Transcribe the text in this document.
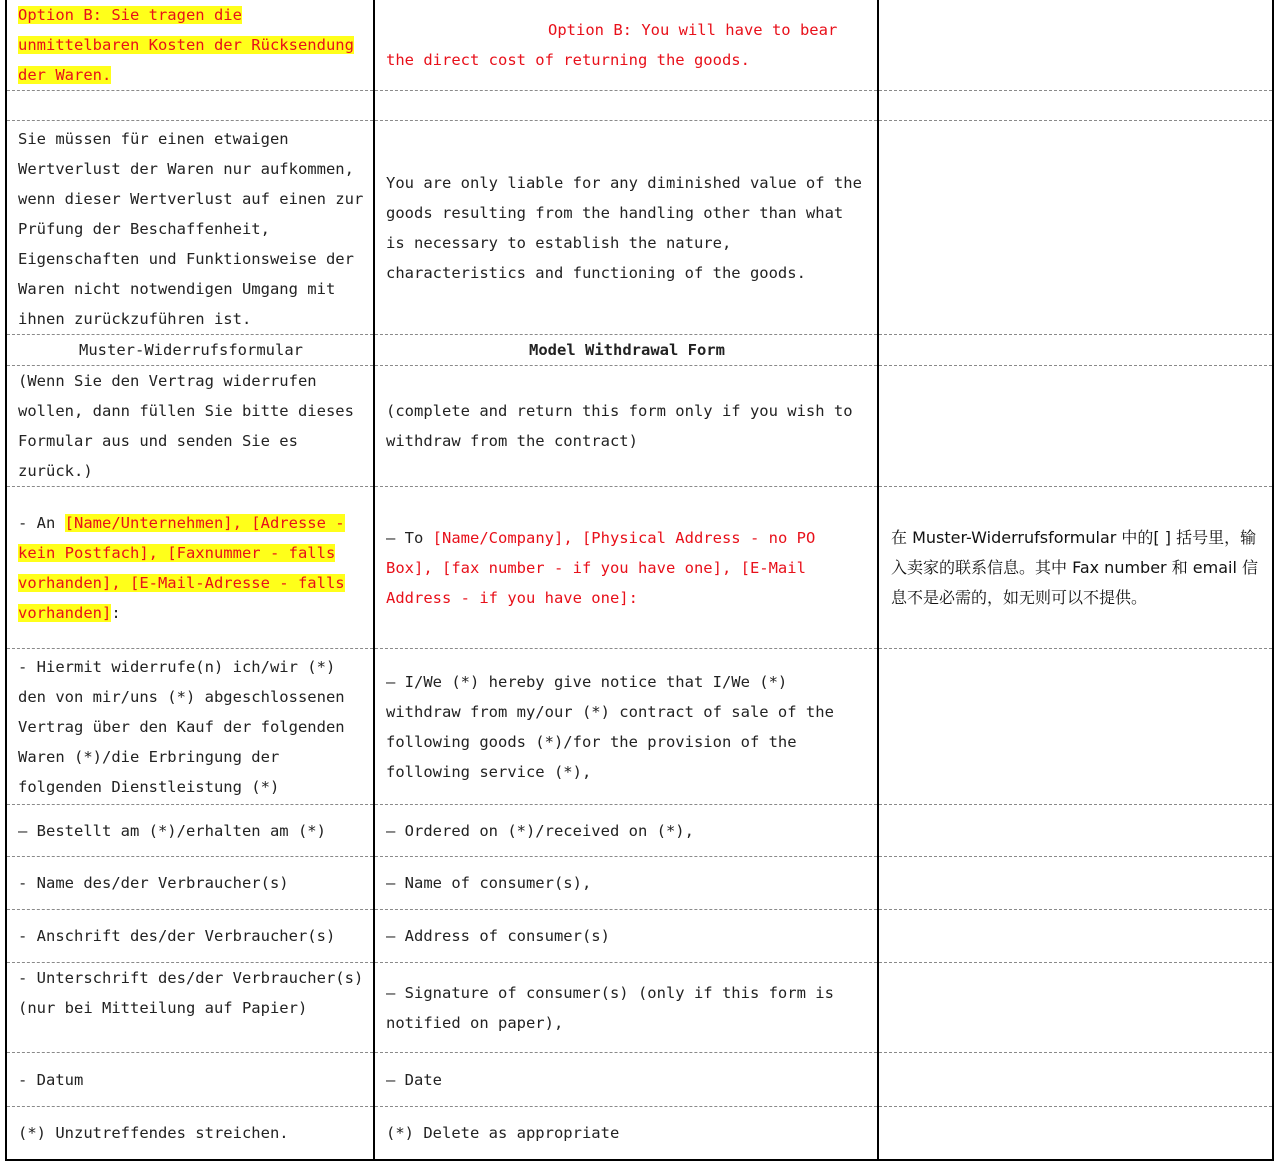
Option B: Sie tragen die unmittelbaren Kosten der Rücksendung der Waren.	Option B: You will have to bear the direct cost of returning the goods.	

Sie müssen für einen etwaigen Wertverlust der Waren nur aufkommen, wenn dieser Wertverlust auf einen zur Prüfung der Beschaffenheit, Eigenschaften und Funktionsweise der Waren nicht notwendigen Umgang mit ihnen zurückzuführen ist.	You are only liable for any diminished value of the goods resulting from the handling other than what is necessary to establish the nature, characteristics and functioning of the goods.	
Muster-Widerrufsformular	Model Withdrawal Form	
(Wenn Sie den Vertrag widerrufen wollen, dann füllen Sie bitte dieses Formular aus und senden Sie es zurück.)	(complete and return this form only if you wish to withdraw from the contract)	
- An [Name/Unternehmen], [Adresse - kein Postfach], [Faxnummer - falls vorhanden], [E-Mail-Adresse - falls vorhanden]:	— To [Name/Company], [Physical Address - no PO Box], [fax number - if you have one], [E-Mail Address - if you have one]:	在 Muster-Widerrufsformular 中的[ ] 括号里，输入卖家的联系信息。其中 Fax number 和 email 信息不是必需的，如无则可以不提供。
- Hiermit widerrufe(n) ich/wir (*) den von mir/uns (*) abgeschlossenen Vertrag über den Kauf der folgenden Waren (*)/die Erbringung der folgenden Dienstleistung (*)	— I/We (*) hereby give notice that I/We (*) withdraw from my/our (*) contract of sale of the following goods (*)/for the provision of the following service (*),	
— Bestellt am (*)/erhalten am (*)	— Ordered on (*)/received on (*),	
- Name des/der Verbraucher(s)	— Name of consumer(s),	
- Anschrift des/der Verbraucher(s)	— Address of consumer(s)	
- Unterschrift des/der Verbraucher(s) (nur bei Mitteilung auf Papier)	— Signature of consumer(s) (only if this form is notified on paper),	
- Datum	— Date	
(*) Unzutreffendes streichen.	(*) Delete as appropriate	
